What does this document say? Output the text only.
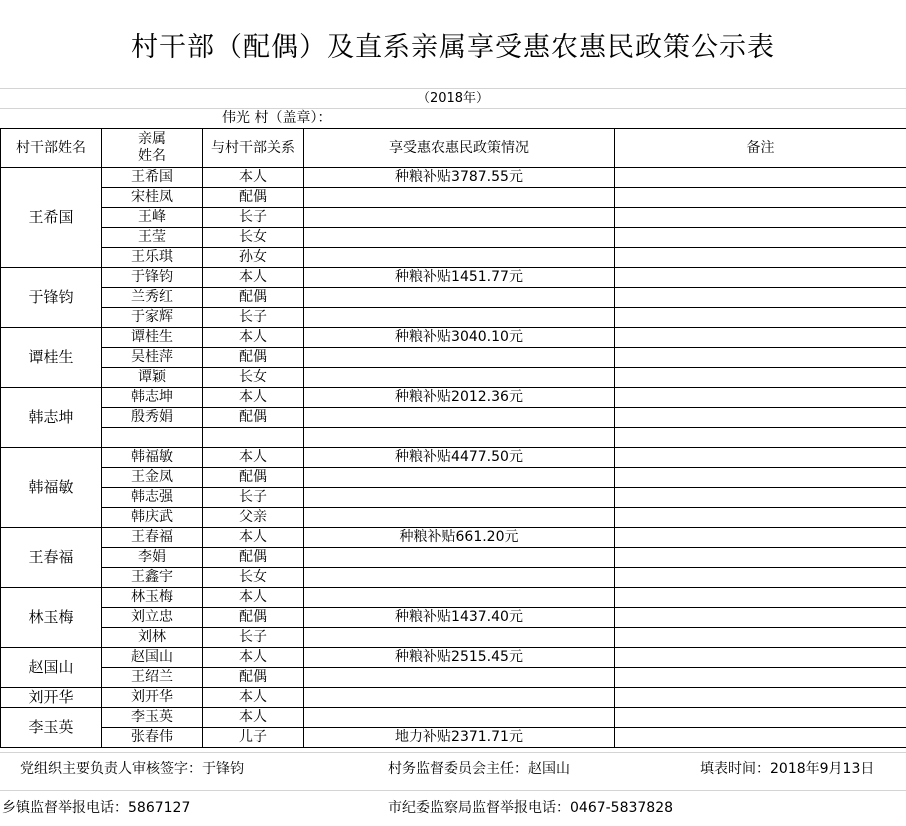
村干部（配偶）及直系亲属享受惠农惠民政策公示表
（2018年）
伟光 村（盖章）：
村干部姓名	亲属姓名	与村干部关系	享受惠农惠民政策情况	备注
王希国	王希国	本人	种粮补贴3787.55元	
	宋桂凤	配偶		
	王峰	长子		
	王莹	长女		
	王乐琪	孙女		
于锋钧	于锋钧	本人	种粮补贴1451.77元	
	兰秀红	配偶		
	于家辉	长子		
谭桂生	谭桂生	本人	种粮补贴3040.10元	
	吴桂萍	配偶		
	谭颖	长女		
韩志坤	韩志坤	本人	种粮补贴2012.36元	
	殷秀娟	配偶		

韩福敏	韩福敏	本人	种粮补贴4477.50元	
	王金凤	配偶		
	韩志强	长子		
	韩庆武	父亲		
王春福	王春福	本人	种粮补贴661.20元	
	李娟	配偶		
	王鑫宇	长女		
林玉梅	林玉梅	本人		
	刘立忠	配偶	种粮补贴1437.40元	
	刘林	长子		
赵国山	赵国山	本人	种粮补贴2515.45元	
	王绍兰	配偶		
刘开华	刘开华	本人		
李玉英	李玉英	本人		
	张春伟	儿子	地力补贴2371.71元	
党组织主要负责人审核签字：于锋钧	村务监督委员会主任：赵国山	填表时间：2018年9月13日
乡镇监督举报电话：5867127	市纪委监察局监督举报电话：0467-5837828
